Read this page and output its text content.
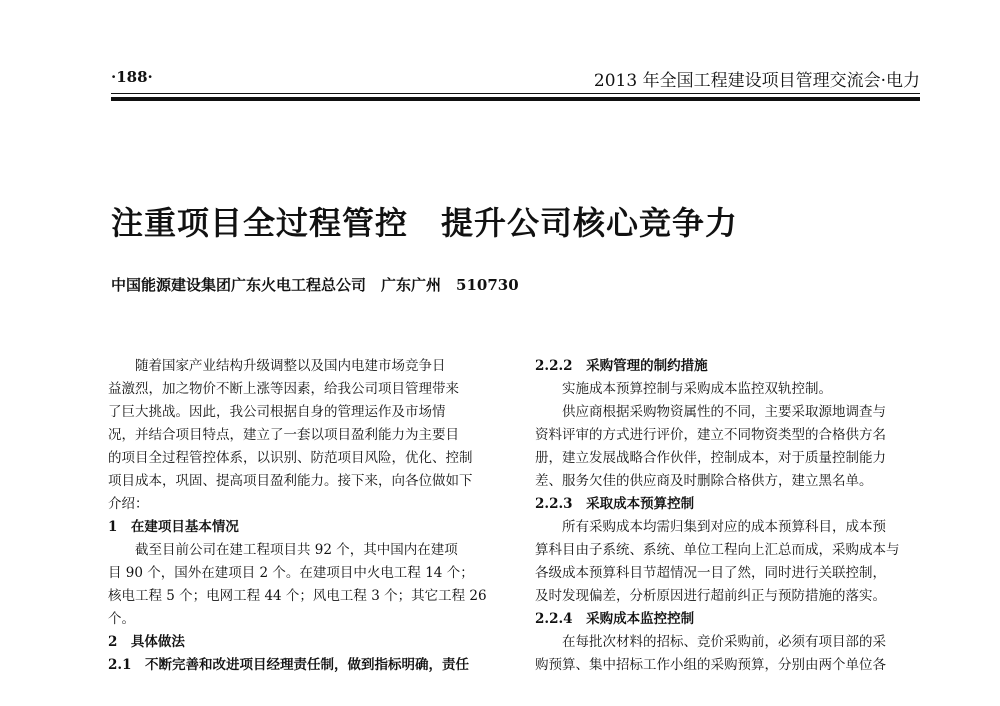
·188·	2013 年全国工程建设项目管理交流会·电力
注重项目全过程管控　提升公司核心竞争力
中国能源建设集团广东火电工程总公司　广东广州　510730
随着国家产业结构升级调整以及国内电建市场竞争日
益激烈，加之物价不断上涨等因素，给我公司项目管理带来
了巨大挑战。因此，我公司根据自身的管理运作及市场情
况，并结合项目特点，建立了一套以项目盈利能力为主要目
的项目全过程管控体系，以识别、防范项目风险，优化、控制
项目成本，巩固、提高项目盈利能力。接下来，向各位做如下
介绍：
1　在建项目基本情况
截至目前公司在建工程项目共 92 个，其中国内在建项
目 90 个，国外在建项目 2 个。在建项目中火电工程 14 个；
核电工程 5 个；电网工程 44 个；风电工程 3 个；其它工程 26
个。
2　具体做法
2.1　不断完善和改进项目经理责任制，做到指标明确，责任
2.2.2　采购管理的制约措施
实施成本预算控制与采购成本监控双轨控制。
供应商根据采购物资属性的不同，主要采取源地调查与
资料评审的方式进行评价，建立不同物资类型的合格供方名
册，建立发展战略合作伙伴，控制成本，对于质量控制能力
差、服务欠佳的供应商及时删除合格供方，建立黑名单。
2.2.3　采取成本预算控制
所有采购成本均需归集到对应的成本预算科目，成本预
算科目由子系统、系统、单位工程向上汇总而成，采购成本与
各级成本预算科目节超情况一目了然，同时进行关联控制，
及时发现偏差，分析原因进行超前纠正与预防措施的落实。
2.2.4　采购成本监控控制
在每批次材料的招标、竞价采购前，必须有项目部的采
购预算、集中招标工作小组的采购预算，分别由两个单位各
